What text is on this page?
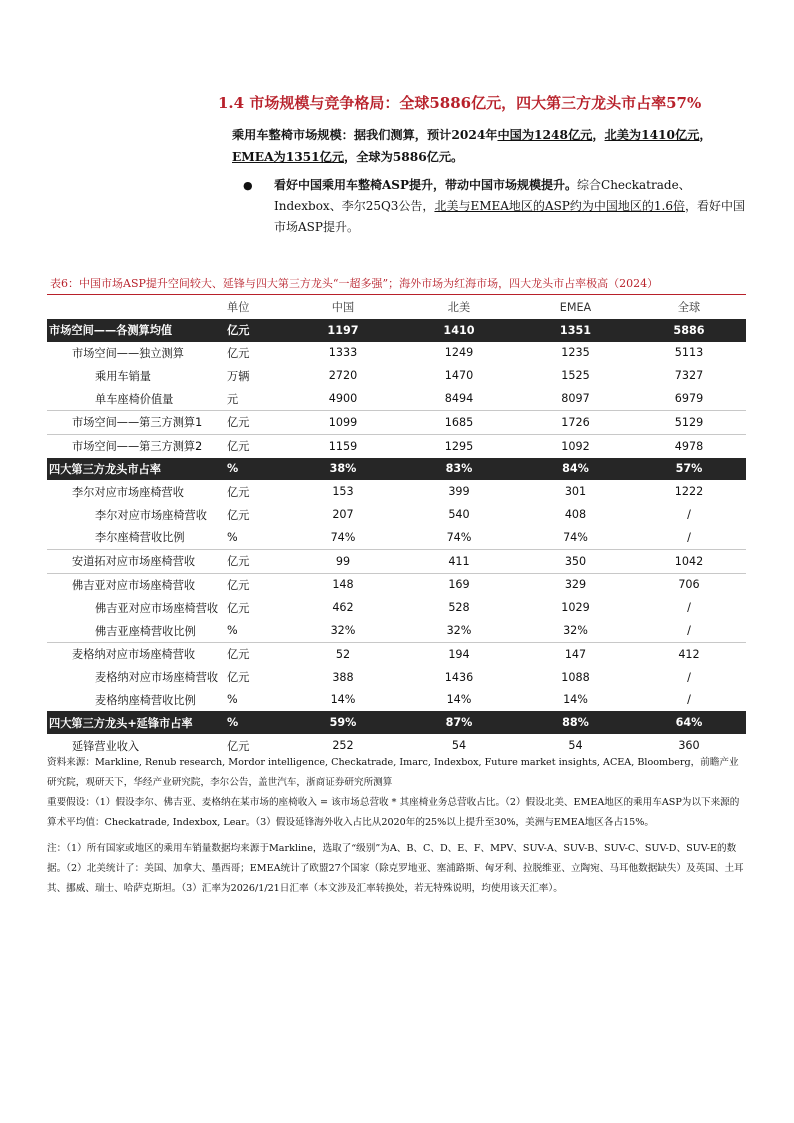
1.4 市场规模与竞争格局：全球5886亿元，四大第三方龙头市占率57%
乘用车整椅市场规模：据我们测算，预计2024年中国为1248亿元，北美为1410亿元，EMEA为1351亿元，全球为5886亿元。
● 看好中国乘用车整椅ASP提升，带动中国市场规模提升。综合Checkatrade、Indexbox、李尔25Q3公告，北美与EMEA地区的ASP约为中国地区的1.6倍，看好中国市场ASP提升。
表6：中国市场ASP提升空间较大、延锋与四大第三方龙头“一超多强”；海外市场为红海市场，四大龙头市占率极高（2024）
	单位	中国	北美	EMEA	全球
市场空间——各测算均值	亿元	1197	1410	1351	5886
市场空间——独立测算	亿元	1333	1249	1235	5113
乘用车销量	万辆	2720	1470	1525	7327
单车座椅价值量	元	4900	8494	8097	6979
市场空间——第三方测算1	亿元	1099	1685	1726	5129
市场空间——第三方测算2	亿元	1159	1295	1092	4978
四大第三方龙头市占率	%	38%	83%	84%	57%
李尔对应市场座椅营收	亿元	153	399	301	1222
李尔对应市场座椅营收	亿元	207	540	408	/
李尔座椅营收比例	%	74%	74%	74%	/
安道拓对应市场座椅营收	亿元	99	411	350	1042
佛吉亚对应市场座椅营收	亿元	148	169	329	706
佛吉亚对应市场座椅营收	亿元	462	528	1029	/
佛吉亚座椅营收比例	%	32%	32%	32%	/
麦格纳对应市场座椅营收	亿元	52	194	147	412
麦格纳对应市场座椅营收	亿元	388	1436	1088	/
麦格纳座椅营收比例	%	14%	14%	14%	/
四大第三方龙头+延锋市占率	%	59%	87%	88%	64%
延锋营业收入	亿元	252	54	54	360

资料来源：Markline, Renub research, Mordor intelligence, Checkatrade, Imarc, Indexbox, Future market insights, ACEA, Bloomberg，前瞻产业研究院，观研天下，华经产业研究院，李尔公告，盖世汽车，浙商证券研究所测算

重要假设：（1）假设李尔、佛吉亚、麦格纳在某市场的座椅收入 = 该市场总营收 * 其座椅业务总营收占比。（2）假设北美、EMEA地区的乘用车ASP为以下来源的算术平均值：Checkatrade, Indexbox, Lear。（3）假设延锋海外收入占比从2020年的25%以上提升至30%，美洲与EMEA地区各占15%。

注：（1）所有国家或地区的乘用车销量数据均来源于Markline，选取了“级别”为A、B、C、D、E、F、MPV、SUV-A、SUV-B、SUV-C、SUV-D、SUV-E的数据。（2）北美统计了：美国、加拿大、墨西哥；EMEA统计了欧盟27个国家（除克罗地亚、塞浦路斯、匈牙利、拉脱维亚、立陶宛、马耳他数据缺失）及英国、土耳其、挪威、瑞士、哈萨克斯坦。（3）汇率为2026/1/21日汇率（本文涉及汇率转换处，若无特殊说明，均使用该天汇率）。
